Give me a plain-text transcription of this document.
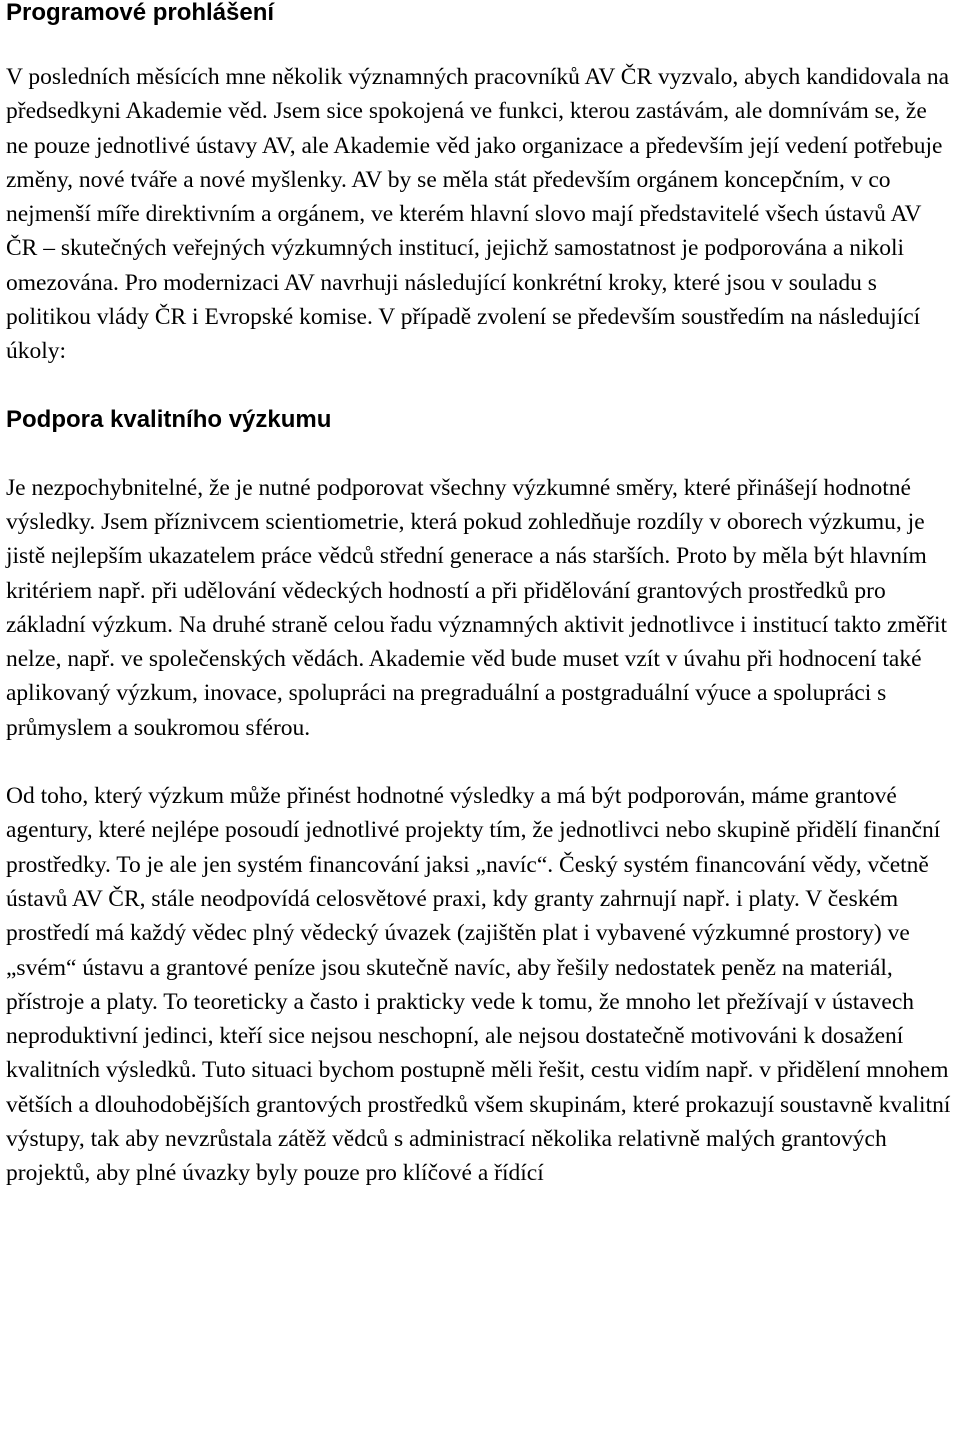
Programové prohlášení

V posledních měsících mne několik významných pracovníků AV ČR vyzvalo, abych kandidovala na předsedkyni Akademie věd. Jsem sice spokojená ve funkci, kterou zastávám, ale domnívám se, že ne pouze jednotlivé ústavy AV, ale Akademie věd jako organizace a především její vedení potřebuje změny, nové tváře a nové myšlenky. AV by se měla stát především orgánem koncepčním, v co nejmenší míře direktivním a orgánem, ve kterém hlavní slovo mají představitelé všech ústavů AV ČR – skutečných veřejných výzkumných institucí, jejichž samostatnost je podporována a nikoli omezována. Pro modernizaci AV navrhuji následující konkrétní kroky, které jsou v souladu s politikou vlády ČR i Evropské komise. V případě zvolení se především soustředím na následující úkoly:

Podpora kvalitního výzkumu

Je nezpochybnitelné, že je nutné podporovat všechny výzkumné směry, které přinášejí hodnotné výsledky. Jsem příznivcem scientiometrie, která pokud zohledňuje rozdíly v oborech výzkumu, je jistě nejlepším ukazatelem práce vědců střední generace a nás starších. Proto by měla být hlavním kritériem např. při udělování vědeckých hodností a při přidělování grantových prostředků pro základní výzkum. Na druhé straně celou řadu významných aktivit jednotlivce i institucí takto změřit nelze, např. ve společenských vědách. Akademie věd bude muset vzít v úvahu při hodnocení také aplikovaný výzkum, inovace, spolupráci na pregraduální a postgraduální výuce a spolupráci s průmyslem a soukromou sférou.

Od toho, který výzkum může přinést hodnotné výsledky a má být podporován, máme grantové agentury, které nejlépe posoudí jednotlivé projekty tím, že jednotlivci nebo skupině přidělí finanční prostředky. To je ale jen systém financování jaksi „navíc“. Český systém financování vědy, včetně ústavů AV ČR, stále neodpovídá celosvětové praxi, kdy granty zahrnují např. i platy. V českém prostředí má každý vědec plný vědecký úvazek (zajištěn plat i vybavené výzkumné prostory) ve „svém“ ústavu a grantové peníze jsou skutečně navíc, aby řešily nedostatek peněz na materiál, přístroje a platy. To teoreticky a často i prakticky vede k tomu, že mnoho let přežívají v ústavech neproduktivní jedinci, kteří sice nejsou neschopní, ale nejsou dostatečně motivováni k dosažení kvalitních výsledků. Tuto situaci bychom postupně měli řešit, cestu vidím např. v přidělení mnohem větších a dlouhodobějších grantových prostředků všem skupinám, které prokazují soustavně kvalitní výstupy, tak aby nevzrůstala zátěž vědců s administrací několika relativně malých grantových projektů, aby plné úvazky byly pouze pro klíčové a řídící
